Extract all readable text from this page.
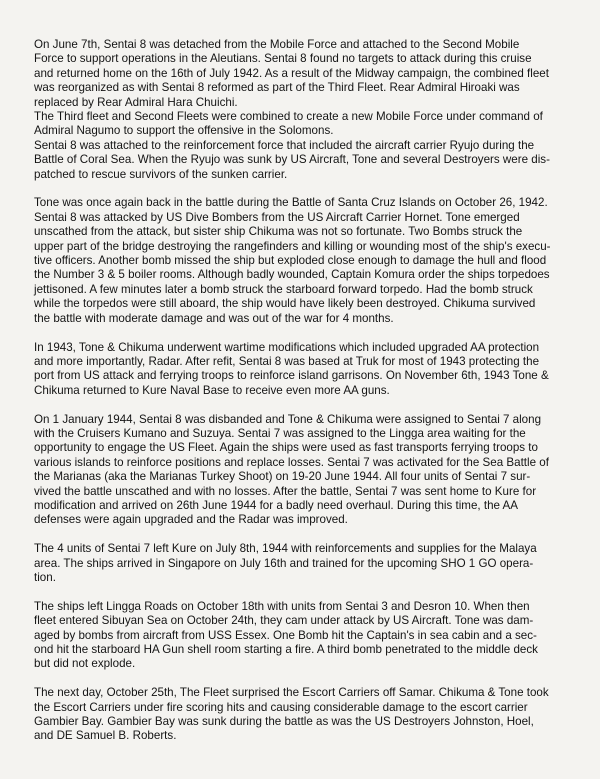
On June 7th, Sentai 8 was detached from the Mobile Force and attached to the Second Mobile
Force to support operations in the Aleutians. Sentai 8 found no targets to attack during this cruise
and returned home on the 16th of July 1942. As a result of the Midway campaign, the combined fleet
was reorganized as with Sentai 8 reformed as part of the Third Fleet. Rear Admiral Hiroaki was
replaced by Rear Admiral Hara Chuichi.

The Third fleet and Second Fleets were combined to create a new Mobile Force under command of
Admiral Nagumo to support the offensive in the Solomons.

Sentai 8 was attached to the reinforcement force that included the aircraft carrier Ryujo during the
Battle of Coral Sea. When the Ryujo was sunk by US Aircraft, Tone and several Destroyers were dis-
patched to rescue survivors of the sunken carrier.

Tone was once again back in the battle during the Battle of Santa Cruz Islands on October 26, 1942.
Sentai 8 was attacked by US Dive Bombers from the US Aircraft Carrier Hornet. Tone emerged
unscathed from the attack, but sister ship Chikuma was not so fortunate. Two Bombs struck the
upper part of the bridge destroying the rangefinders and killing or wounding most of the ship's execu-
tive officers. Another bomb missed the ship but exploded close enough to damage the hull and flood
the Number 3 & 5 boiler rooms. Although badly wounded, Captain Komura order the ships torpedoes
jettisoned. A few minutes later a bomb struck the starboard forward torpedo. Had the bomb struck
while the torpedos were still aboard, the ship would have likely been destroyed. Chikuma survived
the battle with moderate damage and was out of the war for 4 months.

In 1943, Tone & Chikuma underwent wartime modifications which included upgraded AA protection
and more importantly, Radar. After refit, Sentai 8 was based at Truk for most of 1943 protecting the
port from US attack and ferrying troops to reinforce island garrisons. On November 6th, 1943 Tone &
Chikuma returned to Kure Naval Base to receive even more AA guns.

On 1 January 1944, Sentai 8 was disbanded and Tone & Chikuma were assigned to Sentai 7 along
with the Cruisers Kumano and Suzuya. Sentai 7 was assigned to the Lingga area waiting for the
opportunity to engage the US Fleet. Again the ships were used as fast transports ferrying troops to
various islands to reinforce positions and replace losses. Sentai 7 was activated for the Sea Battle of
the Marianas (aka the Marianas Turkey Shoot) on 19-20 June 1944. All four units of Sentai 7 sur-
vived the battle unscathed and with no losses. After the battle, Sentai 7 was sent home to Kure for
modification and arrived on 26th June 1944 for a badly need overhaul. During this time, the AA
defenses were again upgraded and the Radar was improved.

The 4 units of Sentai 7 left Kure on July 8th, 1944 with reinforcements and supplies for the Malaya
area. The ships arrived in Singapore on July 16th and trained for the upcoming SHO 1 GO opera-
tion.

The ships left Lingga Roads on October 18th with units from Sentai 3 and Desron 10. When then
fleet entered Sibuyan Sea on October 24th, they cam under attack by US Aircraft. Tone was dam-
aged by bombs from aircraft from USS Essex. One Bomb hit the Captain's in sea cabin and a sec-
ond hit the starboard HA Gun shell room starting a fire. A third bomb penetrated to the middle deck
but did not explode.

The next day, October 25th, The Fleet surprised the Escort Carriers off Samar. Chikuma & Tone took
the Escort Carriers under fire scoring hits and causing considerable damage to the escort carrier
Gambier Bay. Gambier Bay was sunk during the battle as was the US Destroyers Johnston, Hoel,
and DE Samuel B. Roberts.
